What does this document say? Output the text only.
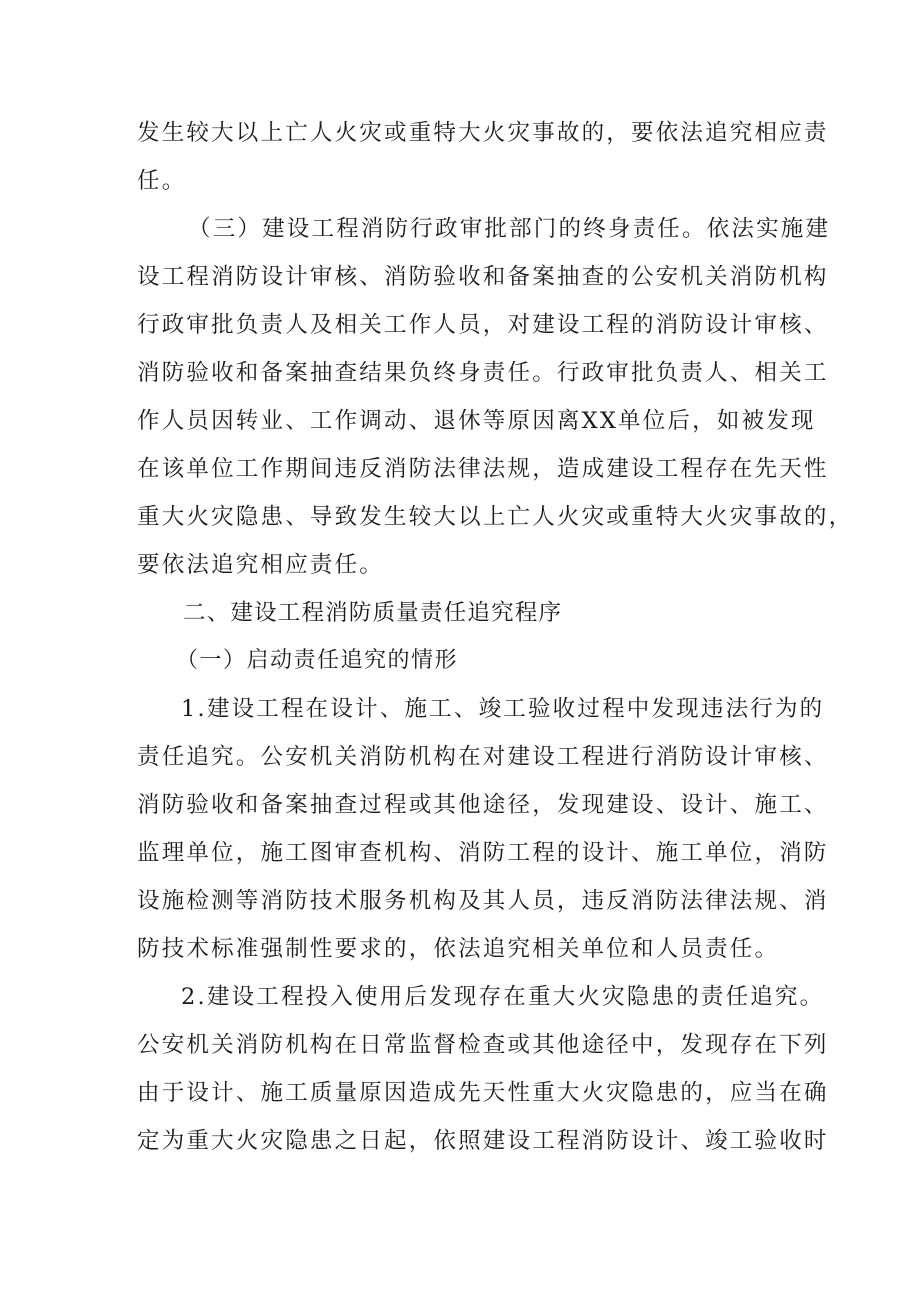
发生较大以上亡人火灾或重特大火灾事故的，要依法追究相应责
任。
（三）建设工程消防行政审批部门的终身责任。依法实施建
设工程消防设计审核、消防验收和备案抽查的公安机关消防机构
行政审批负责人及相关工作人员，对建设工程的消防设计审核、
消防验收和备案抽查结果负终身责任。行政审批负责人、相关工
作人员因转业、工作调动、退休等原因离XX单位后，如被发现
在该单位工作期间违反消防法律法规，造成建设工程存在先天性
重大火灾隐患、导致发生较大以上亡人火灾或重特大火灾事故的，
要依法追究相应责任。
二、建设工程消防质量责任追究程序
（一）启动责任追究的情形
1.建设工程在设计、施工、竣工验收过程中发现违法行为的
责任追究。公安机关消防机构在对建设工程进行消防设计审核、
消防验收和备案抽查过程或其他途径，发现建设、设计、施工、
监理单位，施工图审查机构、消防工程的设计、施工单位，消防
设施检测等消防技术服务机构及其人员，违反消防法律法规、消
防技术标准强制性要求的，依法追究相关单位和人员责任。
2.建设工程投入使用后发现存在重大火灾隐患的责任追究。
公安机关消防机构在日常监督检查或其他途径中，发现存在下列
由于设计、施工质量原因造成先天性重大火灾隐患的，应当在确
定为重大火灾隐患之日起，依照建设工程消防设计、竣工验收时
